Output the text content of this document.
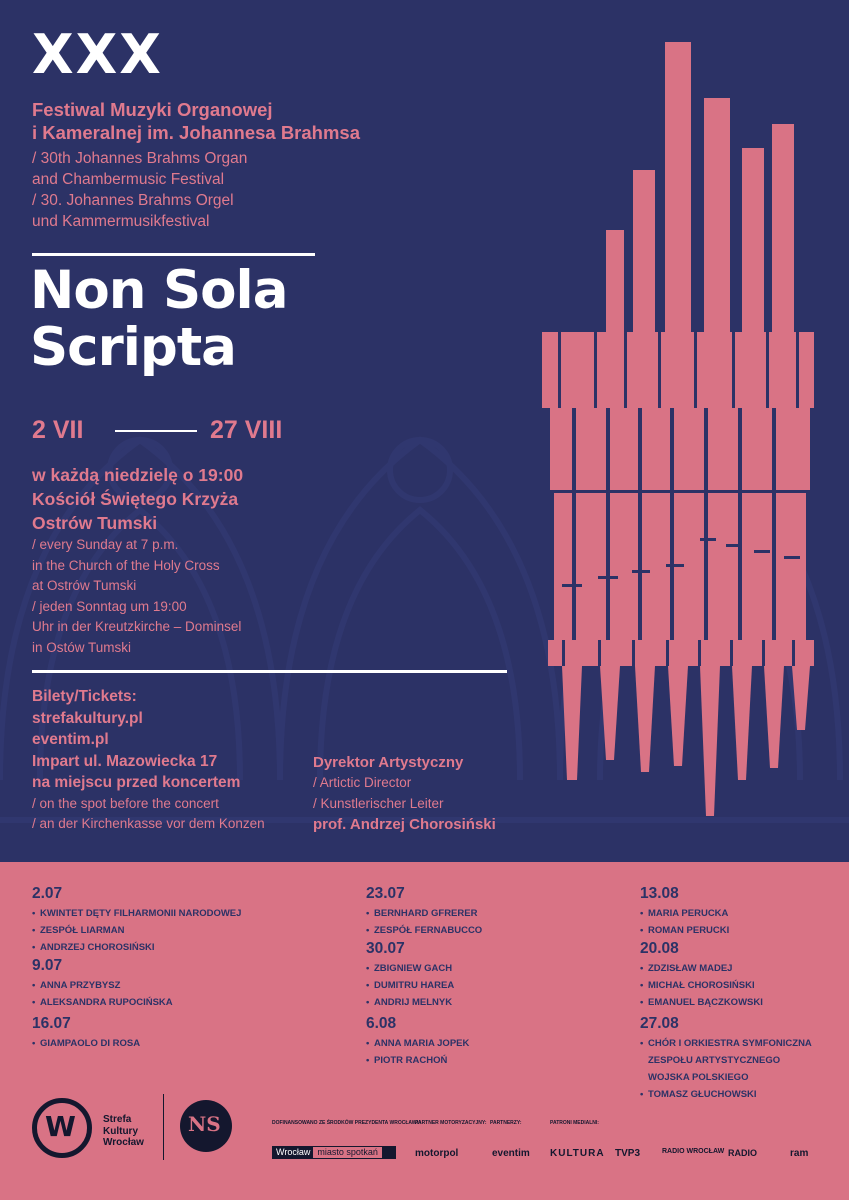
XXX
Festiwal Muzyki Organowej
i Kameralnej im. Johannesa Brahmsa
/ 30th Johannes Brahms Organ
and Chambermusic Festival
/ 30. Johannes Brahms Orgel
und Kammermusikfestival
Non Sola
Scripta
2 VII	27 VIII
w każdą niedzielę o 19:00
Kościół Świętego Krzyża
Ostrów Tumski
/ every Sunday at 7 p.m.
in the Church of the Holy Cross
at Ostrów Tumski
/ jeden Sonntag um 19:00
Uhr in der Kreutzkirche – Dominsel
in Ostów Tumski
Bilety/Tickets:
strefakultury.pl
eventim.pl
Impart ul. Mazowiecka 17
na miejscu przed koncertem
/ on the spot before the concert
/ an der Kirchenkasse vor dem Konzen
Dyrektor Artystyczny
/ Artictic Director
/ Kunstlerischer Leiter
prof. Andrzej Chorosiński
2.07
• KWINTET DĘTY FILHARMONII NARODOWEJ
• ZESPÓŁ LIARMAN
• ANDRZEJ CHOROSIŃSKI
9.07
• ANNA PRZYBYSZ
• ALEKSANDRA RUPOCIŃSKA
16.07
• GIAMPAOLO DI ROSA
23.07
• BERNHARD GFRERER
• ZESPÓŁ FERNABUCCO
30.07
• ZBIGNIEW GACH
• DUMITRU HAREA
• ANDRIJ MELNYK
6.08
• ANNA MARIA JOPEK
• PIOTR RACHOŃ
13.08
• MARIA PERUCKA
• ROMAN PERUCKI
20.08
• ZDZISŁAW MADEJ
• MICHAŁ CHOROSIŃSKI
• EMANUEL BĄCZKOWSKI
27.08
• CHÓR I ORKIESTRA SYMFONICZNA
ZESPOŁU ARTYSTYCZNEGO
WOJSKA POLSKIEGO
• TOMASZ GŁUCHOWSKI
W	Strefa
Kultury
Wrocław
NS	DOFINANSOWANO ZE ŚRODKÓW PREZYDENTA WROCŁAWIA
PARTNER MOTORYZACYJNY: PARTNERZY:	PATRONI MEDIALNI:
Wrocław miasto spotkań	motorpol	eventim KULTURA TVP3	RADIO WROCŁAW RADIO	ram
